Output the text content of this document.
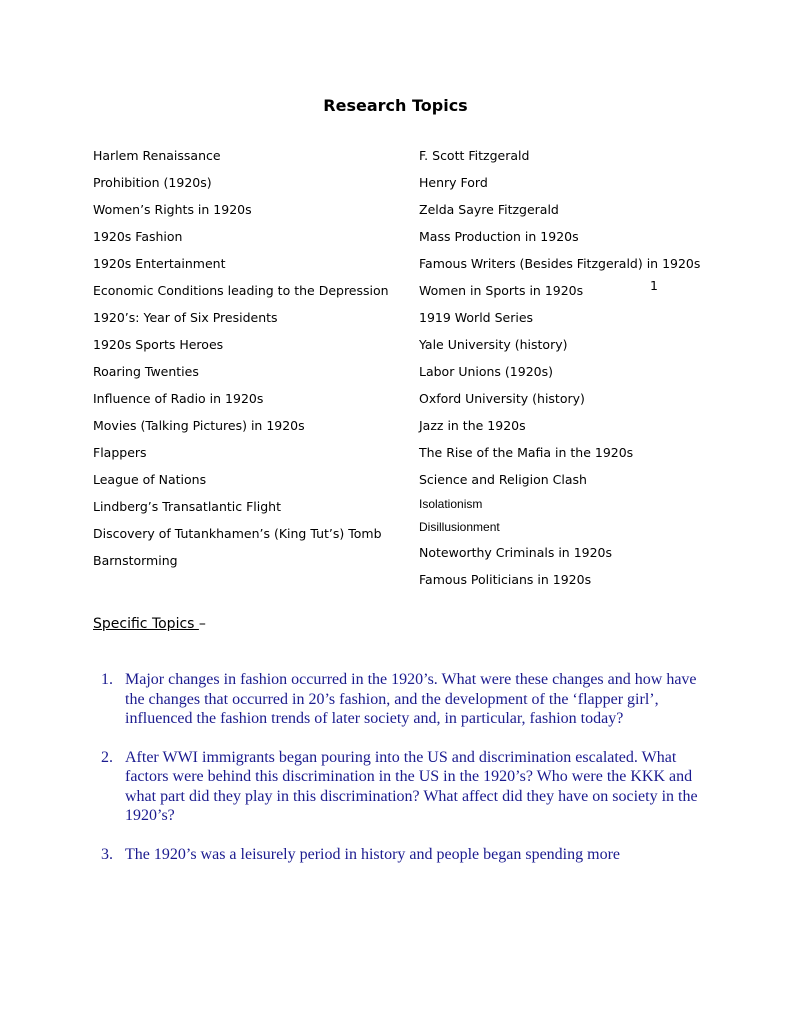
Research Topics
Harlem Renaissance
Prohibition (1920s)
Women’s Rights in 1920s
1920s Fashion
1920s Entertainment
Economic Conditions leading to the Depression
1920’s: Year of Six Presidents
1920s Sports Heroes
Roaring Twenties
Influence of Radio in 1920s
Movies (Talking Pictures) in 1920s
Flappers
League of Nations
Lindberg’s Transatlantic Flight
Discovery of Tutankhamen’s (King Tut’s) Tomb
Barnstorming
F. Scott Fitzgerald
Henry Ford
Zelda Sayre Fitzgerald
Mass Production in 1920s
Famous Writers (Besides Fitzgerald) in 1920s
Women in Sports in 1920s
1919 World Series
Yale University (history)
Labor Unions (1920s)
Oxford University (history)
Jazz in the 1920s
The Rise of the Mafia in the 1920s
Science and Religion Clash
Isolationism
Disillusionment
Noteworthy Criminals in 1920s
Famous Politicians in 1920s
1

Specific Topics –

1. Major changes in fashion occurred in the 1920’s. What were these changes and how have the changes that occurred in 20’s fashion, and the development of the ‘flapper girl’, influenced the fashion trends of later society and, in particular, fashion today?
2. After WWI immigrants began pouring into the US and discrimination escalated. What factors were behind this discrimination in the US in the 1920’s? Who were the KKK and what part did they play in this discrimination? What affect did they have on society in the 1920’s?
3. The 1920’s was a leisurely period in history and people began spending more
